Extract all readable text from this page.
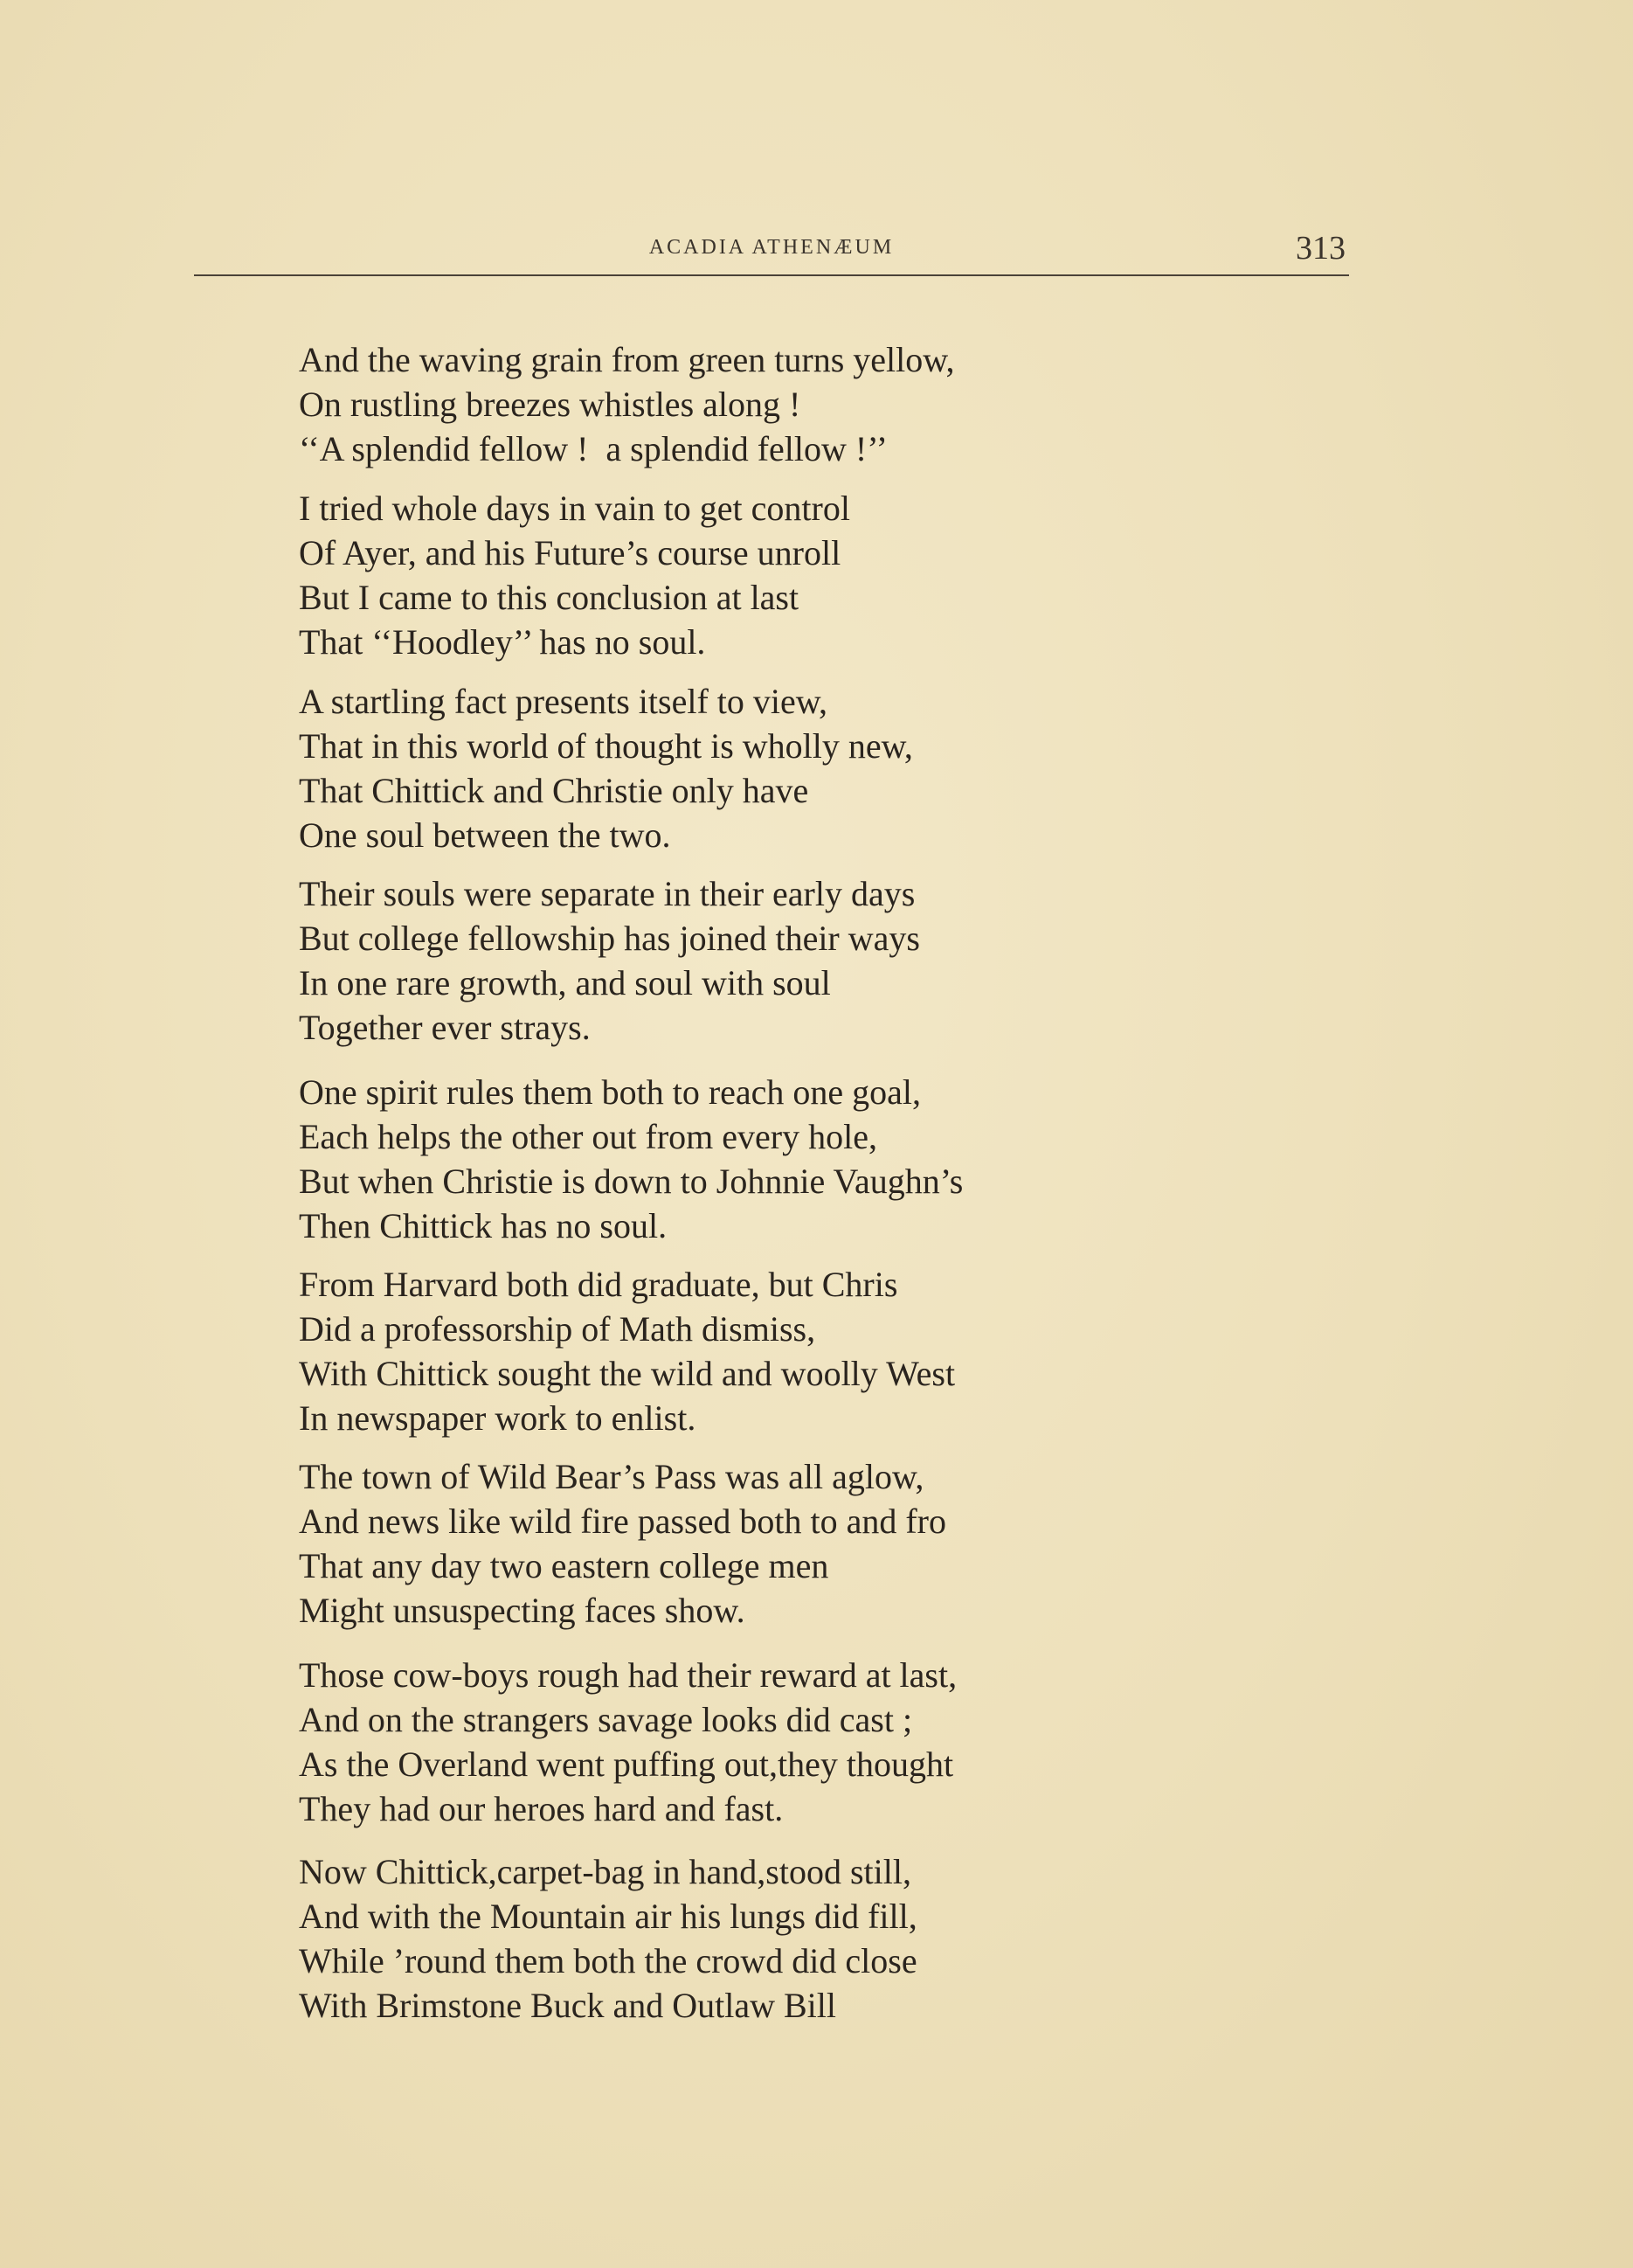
ACADIA ATHENÆUM	313
And the waving grain from green turns yellow,
On rustling breezes whistles along !
‘‘A splendid fellow !  a splendid fellow !’’
I tried whole days in vain to get control
Of Ayer, and his Future’s course unroll
But I came to this conclusion at last
That ‘‘Hoodley’’ has no soul.
A startling fact presents itself to view,
That in this world of thought is wholly new,
That Chittick and Christie only have
One soul between the two.
Their souls were separate in their early days
But college fellowship has joined their ways
In one rare growth, and soul with soul
Together ever strays.
One spirit rules them both to reach one goal,
Each helps the other out from every hole,
But when Christie is down to Johnnie Vaughn’s
Then Chittick has no soul.
From Harvard both did graduate, but Chris
Did a professorship of Math dismiss,
With Chittick sought the wild and woolly West
In newspaper work to enlist.
The town of Wild Bear’s Pass was all aglow,
And news like wild fire passed both to and fro
That any day two eastern college men
Might unsuspecting faces show.
Those cow-boys rough had their reward at last,
And on the strangers savage looks did cast ;
As the Overland went puffing out,they thought
They had our heroes hard and fast.
Now Chittick,carpet-bag in hand,stood still,
And with the Mountain air his lungs did fill,
While ’round them both the crowd did close
With Brimstone Buck and Outlaw Bill
